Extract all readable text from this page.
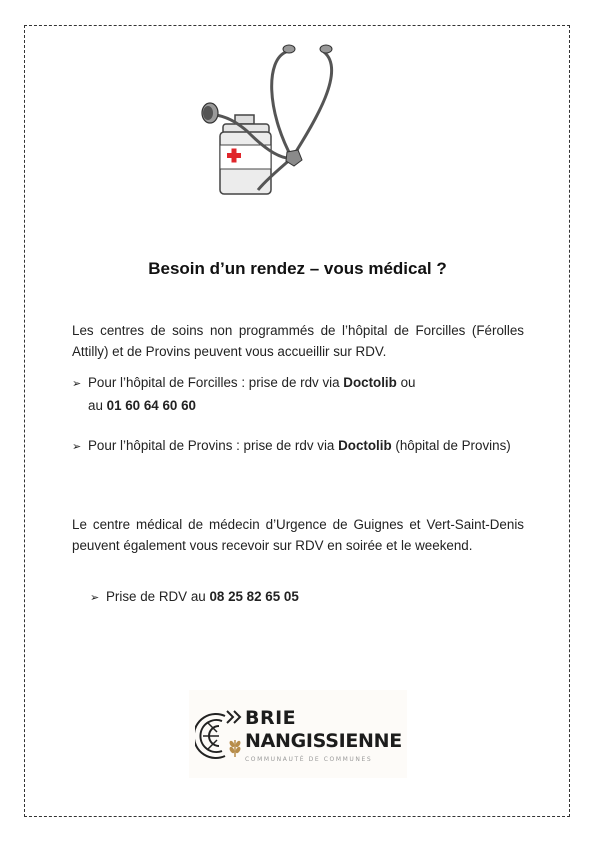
Besoin d’un rendez – vous médical ?
Les centres de soins non programmés de l’hôpital de Forcilles (Férolles Attilly) et de Provins peuvent vous accueillir sur RDV.
➢ Pour l’hôpital de Forcilles : prise de rdv via Doctolib ou
au 01 60 64 60 60
➢ Pour l’hôpital de Provins : prise de rdv via Doctolib (hôpital de Provins)
Le centre médical de médecin d’Urgence de Guignes et Vert-Saint-Denis peuvent également vous recevoir sur RDV en soirée et le weekend.
➢ Prise de RDV au 08 25 82 65 05
BRIE
NANGISSIENNE
COMMUNAUTÉ DE COMMUNES
